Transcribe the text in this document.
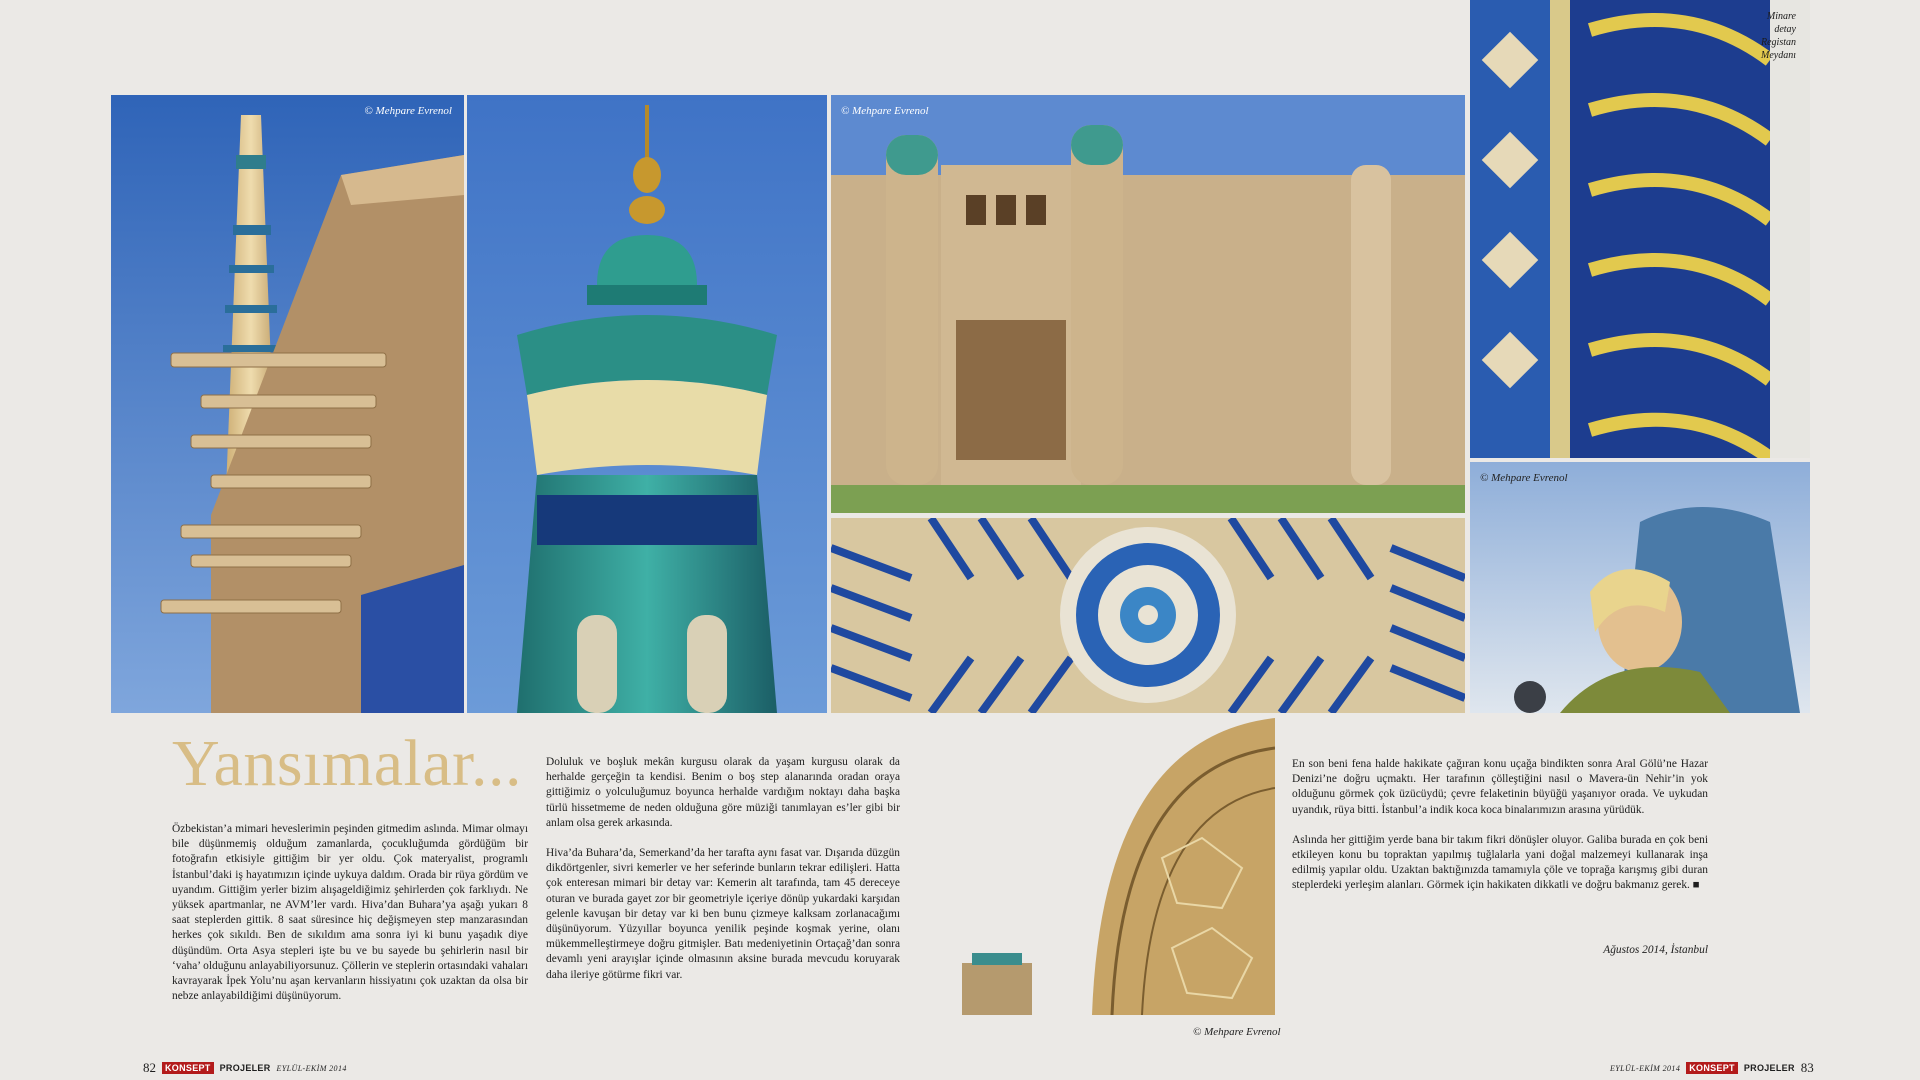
© Mehpare Evrenol	© Mehpare Evrenol
Minare
detay
Registan
Meydanı
© Mehpare Evrenol
© Mehpare Evrenol
Yansımalar...

Özbekistan’a mimari heveslerimin peşinden gitmedim aslında. Mimar olmayı bile düşünmemiş olduğum zamanlarda, çocukluğumda gördüğüm bir fotoğrafın etkisiyle gittiğim bir yer oldu. Çok materyalist, programlı İstanbul’daki iş hayatımızın içinde uykuya daldım. Orada bir rüya gördüm ve uyandım. Gittiğim yerler bizim alışageldiğimiz şehirlerden çok farklıydı. Ne yüksek apartmanlar, ne AVM’ler vardı. Hiva’dan Buhara’ya aşağı yukarı 8 saat steplerden gittik. 8 saat süresince hiç değişmeyen step manzarasından herkes çok sıkıldı. Ben de sıkıldım ama sonra iyi ki bunu yaşadık diye düşündüm. Orta Asya stepleri işte bu ve bu sayede bu şehirlerin nasıl bir ‘vaha’ olduğunu anlayabiliyorsunuz. Çöllerin ve steplerin ortasındaki vahaları kavrayarak İpek Yolu’nu aşan kervanların hissiyatını çok uzaktan da olsa bir nebze anlayabildiğimi düşünüyorum.

Doluluk ve boşluk mekân kurgusu olarak da yaşam kurgusu olarak da herhalde gerçeğin ta kendisi. Benim o boş step alanarında oradan oraya gittiğimiz o yolculuğumuz boyunca herhalde vardığım noktayı daha başka türlü hissetmeme de neden olduğuna göre müziği tanımlayan es’ler gibi bir anlam olsa gerek arkasında.

Hiva’da Buhara’da, Semerkand’da her tarafta aynı fasat var. Dışarıda düzgün dikdörtgenler, sivri kemerler ve her seferinde bunların tekrar edilişleri. Hatta çok enteresan mimari bir detay var: Kemerin alt tarafında, tam 45 dereceye oturan ve burada gayet zor bir geometriyle içeriye dönüp yukardaki karşıdan gelenle kavuşan bir detay var ki ben bunu çizmeye kalksam zorlanacağımı düşünüyorum. Yüzyıllar boyunca yenilik peşinde koşmak yerine, olanı mükemmelleştirmeye doğru gitmişler. Batı medeniyetinin Ortaçağ’dan sonra devamlı yeni arayışlar içinde olmasının aksine burada mevcudu koruyarak daha ileriye götürme fikri var.

En son beni fena halde hakikate çağıran konu uçağa bindikten sonra Aral Gölü’ne Hazar Denizi’ne doğru uçmaktı. Her tarafının çölleştiğini nasıl o Mavera-ün Nehir’in yok olduğunu görmek çok üzücüydü; çevre felaketinin büyüğü yaşanıyor orada. Ve uykudan uyandık, rüya bitti. İstanbul’a indik koca koca binalarımızın arasına yürüdük.

Aslında her gittiğim yerde bana bir takım fikri dönüşler oluyor. Galiba burada en çok beni etkileyen konu bu topraktan yapılmış tuğlalarla yani doğal malzemeyi kullanarak inşa edilmiş yapılar oldu. Uzaktan baktığınızda tamamıyla çöle ve toprağa karışmış gibi duran steplerdeki yerleşim alanları. Görmek için hakikaten dikkatli ve doğru bakmanız gerek. ■

Ağustos 2014, İstanbul
82	KONSEPT	PROJELER EYLÜL-EKİM 2014	EYLÜL-EKİM 2014	KONSEPT	PROJELER 83
